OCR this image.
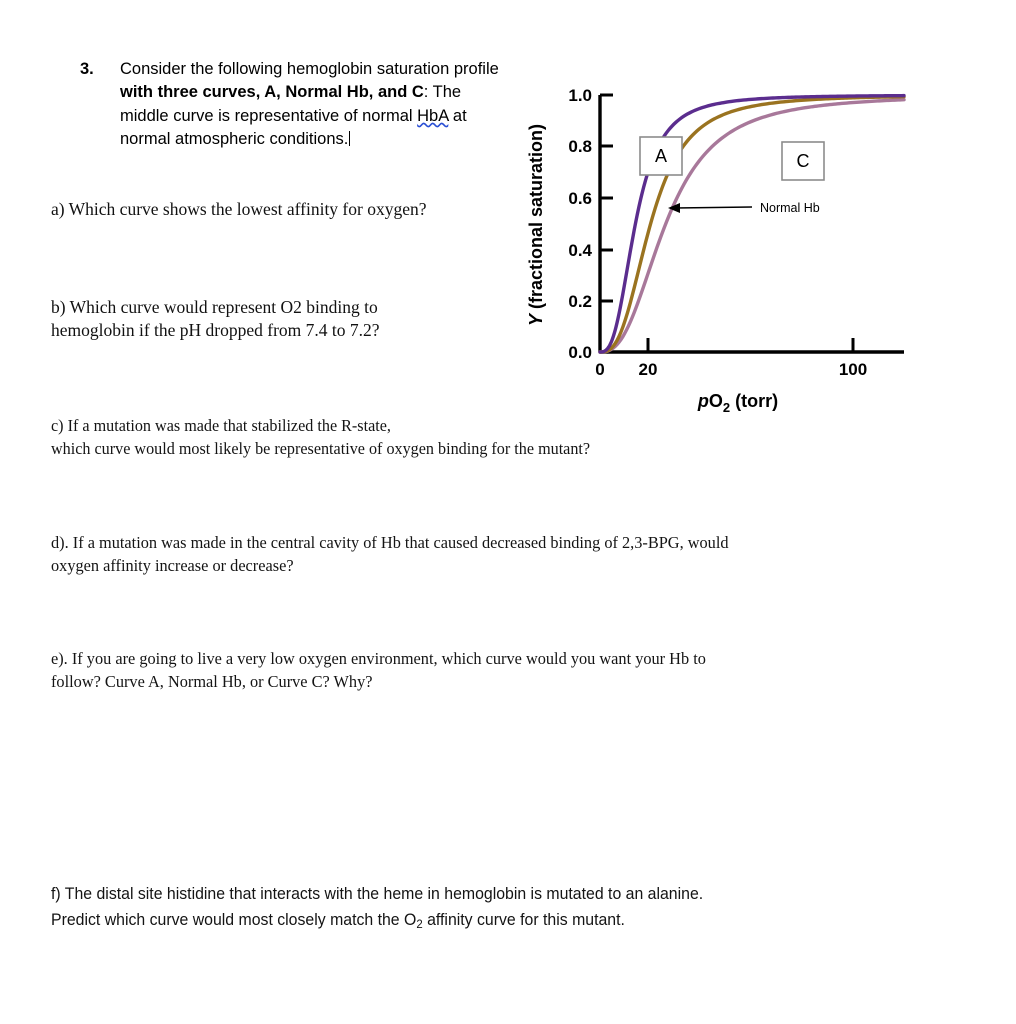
3. Consider the following hemoglobin saturation profile with three curves, A, Normal Hb, and C: The middle curve is representative of normal HbA at normal atmospheric conditions.
1.0
0.8
0.6
0.4
0.2
0.0
0 20	100
Y (fractional saturation)
$pO_2$ (torr)
A	C
Normal Hb
a) Which curve shows the lowest affinity for oxygen?
b) Which curve would represent O2 binding to
hemoglobin if the pH dropped from 7.4 to 7.2?
c) If a mutation was made that stabilized the R-state,
which curve would most likely be representative of oxygen binding for the mutant?
d). If a mutation was made in the central cavity of Hb that caused decreased binding of 2,3-BPG, would
oxygen affinity increase or decrease?
e). If you are going to live a very low oxygen environment, which curve would you want your Hb to
follow? Curve A, Normal Hb, or Curve C? Why?
f) The distal site histidine that interacts with the heme in hemoglobin is mutated to an alanine.
Predict which curve would most closely match the $O_2$ affinity curve for this mutant.
